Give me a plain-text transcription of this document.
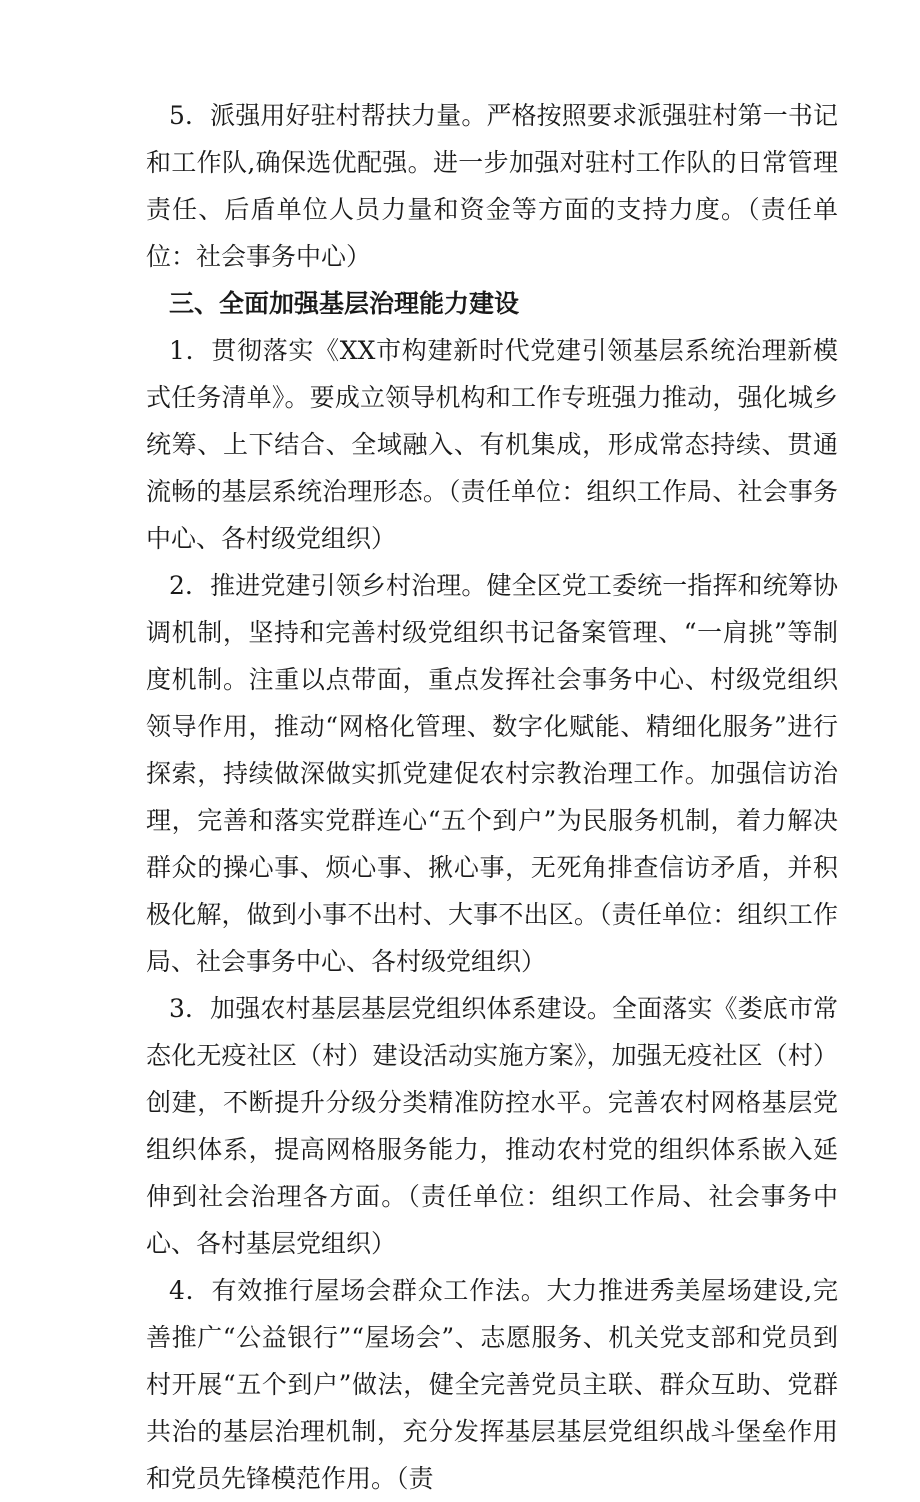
5．派强用好驻村帮扶力量。严格按照要求派强驻村第一书记和工作队,确保选优配强。进一步加强对驻村工作队的日常管理责任、后盾单位人员力量和资金等方面的支持力度。（责任单位：社会事务中心）

三、全面加强基层治理能力建设

1．贯彻落实《XX市构建新时代党建引领基层系统治理新模式任务清单》。要成立领导机构和工作专班强力推动，强化城乡统筹、上下结合、全域融入、有机集成，形成常态持续、贯通流畅的基层系统治理形态。（责任单位：组织工作局、社会事务中心、各村级党组织）

2．推进党建引领乡村治理。健全区党工委统一指挥和统筹协调机制，坚持和完善村级党组织书记备案管理、“一肩挑”等制度机制。注重以点带面，重点发挥社会事务中心、村级党组织领导作用，推动“网格化管理、数字化赋能、精细化服务”进行探索，持续做深做实抓党建促农村宗教治理工作。加强信访治理，完善和落实党群连心“五个到户”为民服务机制，着力解决群众的操心事、烦心事、揪心事，无死角排查信访矛盾，并积极化解，做到小事不出村、大事不出区。（责任单位：组织工作局、社会事务中心、各村级党组织）

3．加强农村基层基层党组织体系建设。全面落实《娄底市常态化无疫社区（村）建设活动实施方案》，加强无疫社区（村）创建，不断提升分级分类精准防控水平。完善农村网格基层党组织体系，提高网格服务能力，推动农村党的组织体系嵌入延伸到社会治理各方面。（责任单位：组织工作局、社会事务中心、各村基层党组织）

4．有效推行屋场会群众工作法。大力推进秀美屋场建设,完善推广“公益银行”“屋场会”、志愿服务、机关党支部和党员到村开展“五个到户”做法，健全完善党员主联、群众互助、党群共治的基层治理机制，充分发挥基层基层党组织战斗堡垒作用和党员先锋模范作用。（责
